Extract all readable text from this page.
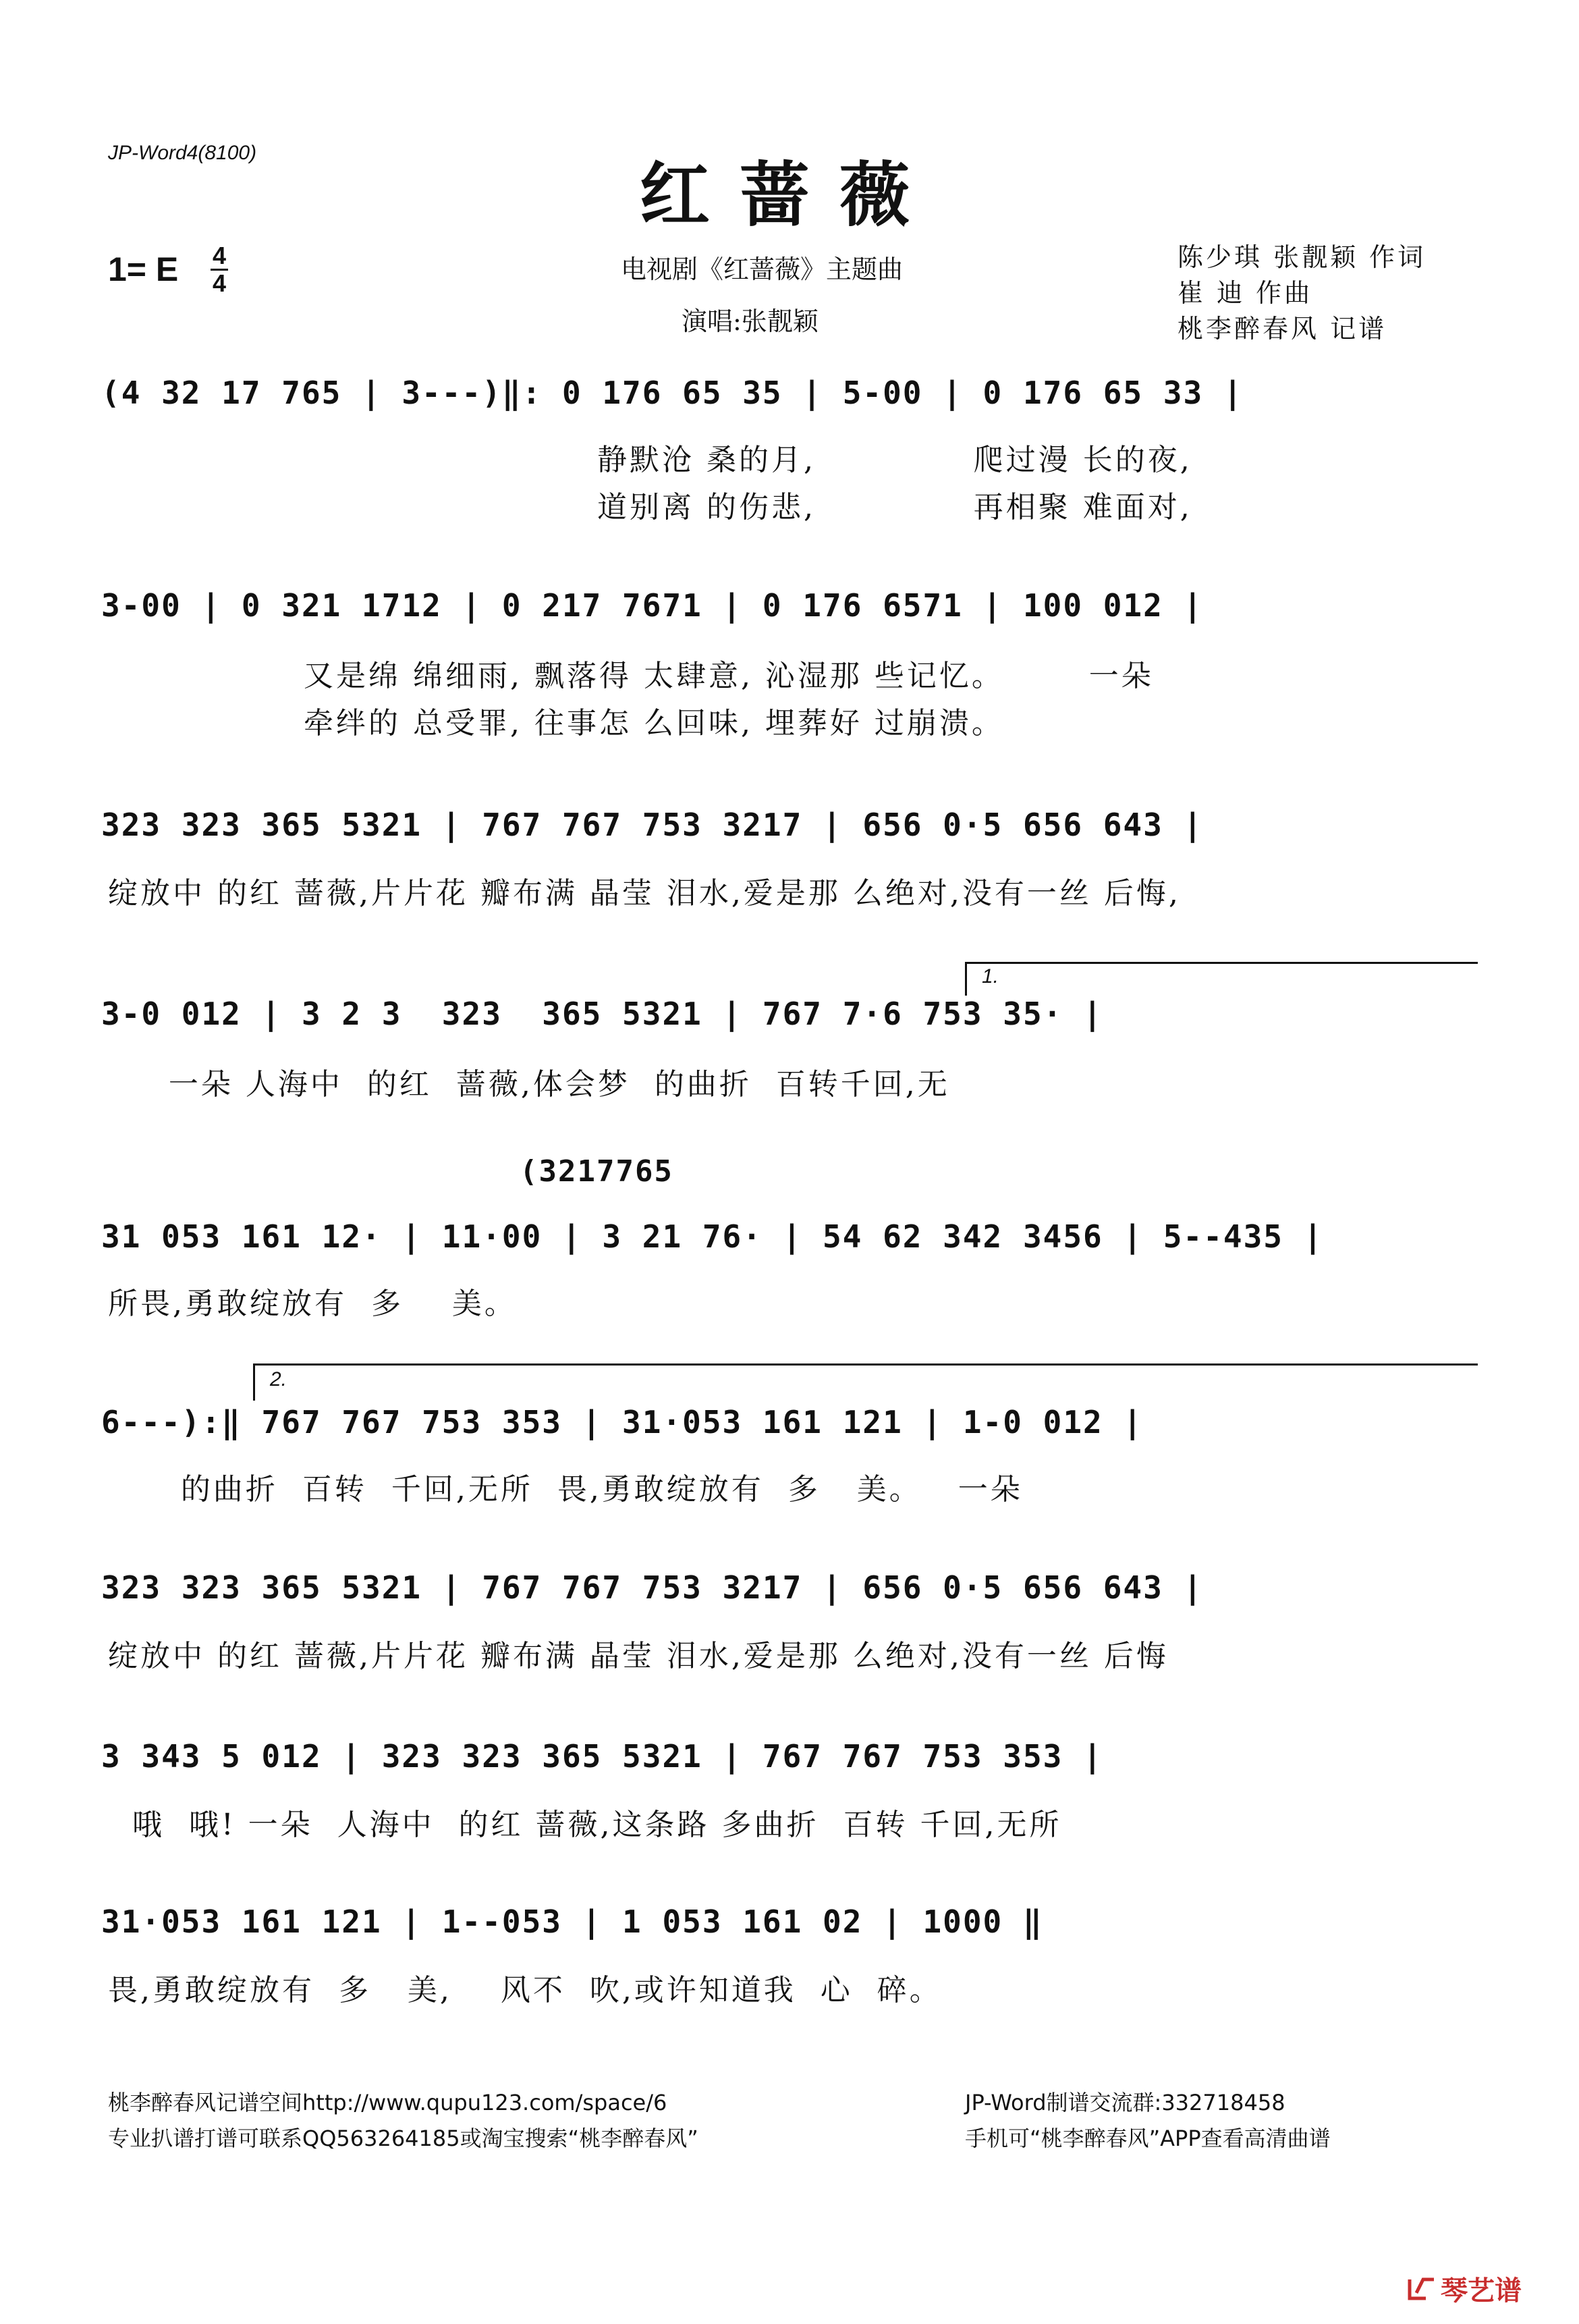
JP-Word4(8100)
红蔷薇
1= E 4
4	电视剧《红蔷薇》主题曲
演唱:张靓颖
陈少琪 张靓颖 作词
崔 迪 作曲
桃李醉春风 记谱
(4 32 17 765 | 3---)‖: 0 176 65 35 | 5-00 | 0 176 65 33 |
静默沧 桑的月,             爬过漫 长的夜,
道别离 的伤悲,             再相聚 难面对,
3-00 | 0 321 1712 | 0 217 7671 | 0 176 6571 | 100 012 |
又是绵 绵细雨, 飘落得 太肆意, 沁湿那 些记忆。       一朵
牵绊的 总受罪, 往事怎 么回味, 埋葬好 过崩溃。
323 323 365 5321 | 767 767 753 3217 | 656 0·5 656 643 |
绽放中 的红 蔷薇,片片花 瓣布满 晶莹 泪水,爱是那 么绝对,没有一丝 后悔,
1.
3-0 012 | 3 2 3  323  365 5321 | 767 7·6 753 35· |
一朵 人海中  的红  蔷薇,体会梦  的曲折  百转千回,无
(3217765
31 053 161 12· | 11·00 | 3 21 76· | 54 62 342 3456 | 5--435 |
所畏,勇敢绽放有  多    美。
2.
6---):‖ 767 767 753 353 | 31·053 161 121 | 1-0 012 |
的曲折  百转  千回,无所  畏,勇敢绽放有  多   美。   一朵
323 323 365 5321 | 767 767 753 3217 | 656 0·5 656 643 |
绽放中 的红 蔷薇,片片花 瓣布满 晶莹 泪水,爱是那 么绝对,没有一丝 后悔
3 343 5 012 | 323 323 365 5321 | 767 767 753 353 |
哦  哦! 一朵  人海中  的红 蔷薇,这条路 多曲折  百转 千回,无所
31·053 161 121 | 1--053 | 1 053 161 02 | 1000 ‖
畏,勇敢绽放有  多   美,    风不  吹,或许知道我  心  碎。
桃李醉春风记谱空间http://www.qupu123.com/space/6
专业扒谱打谱可联系QQ563264185或淘宝搜索“桃李醉春风”
JP-Word制谱交流群:332718458
手机可“桃李醉春风”APP查看高清曲谱
琴艺谱
